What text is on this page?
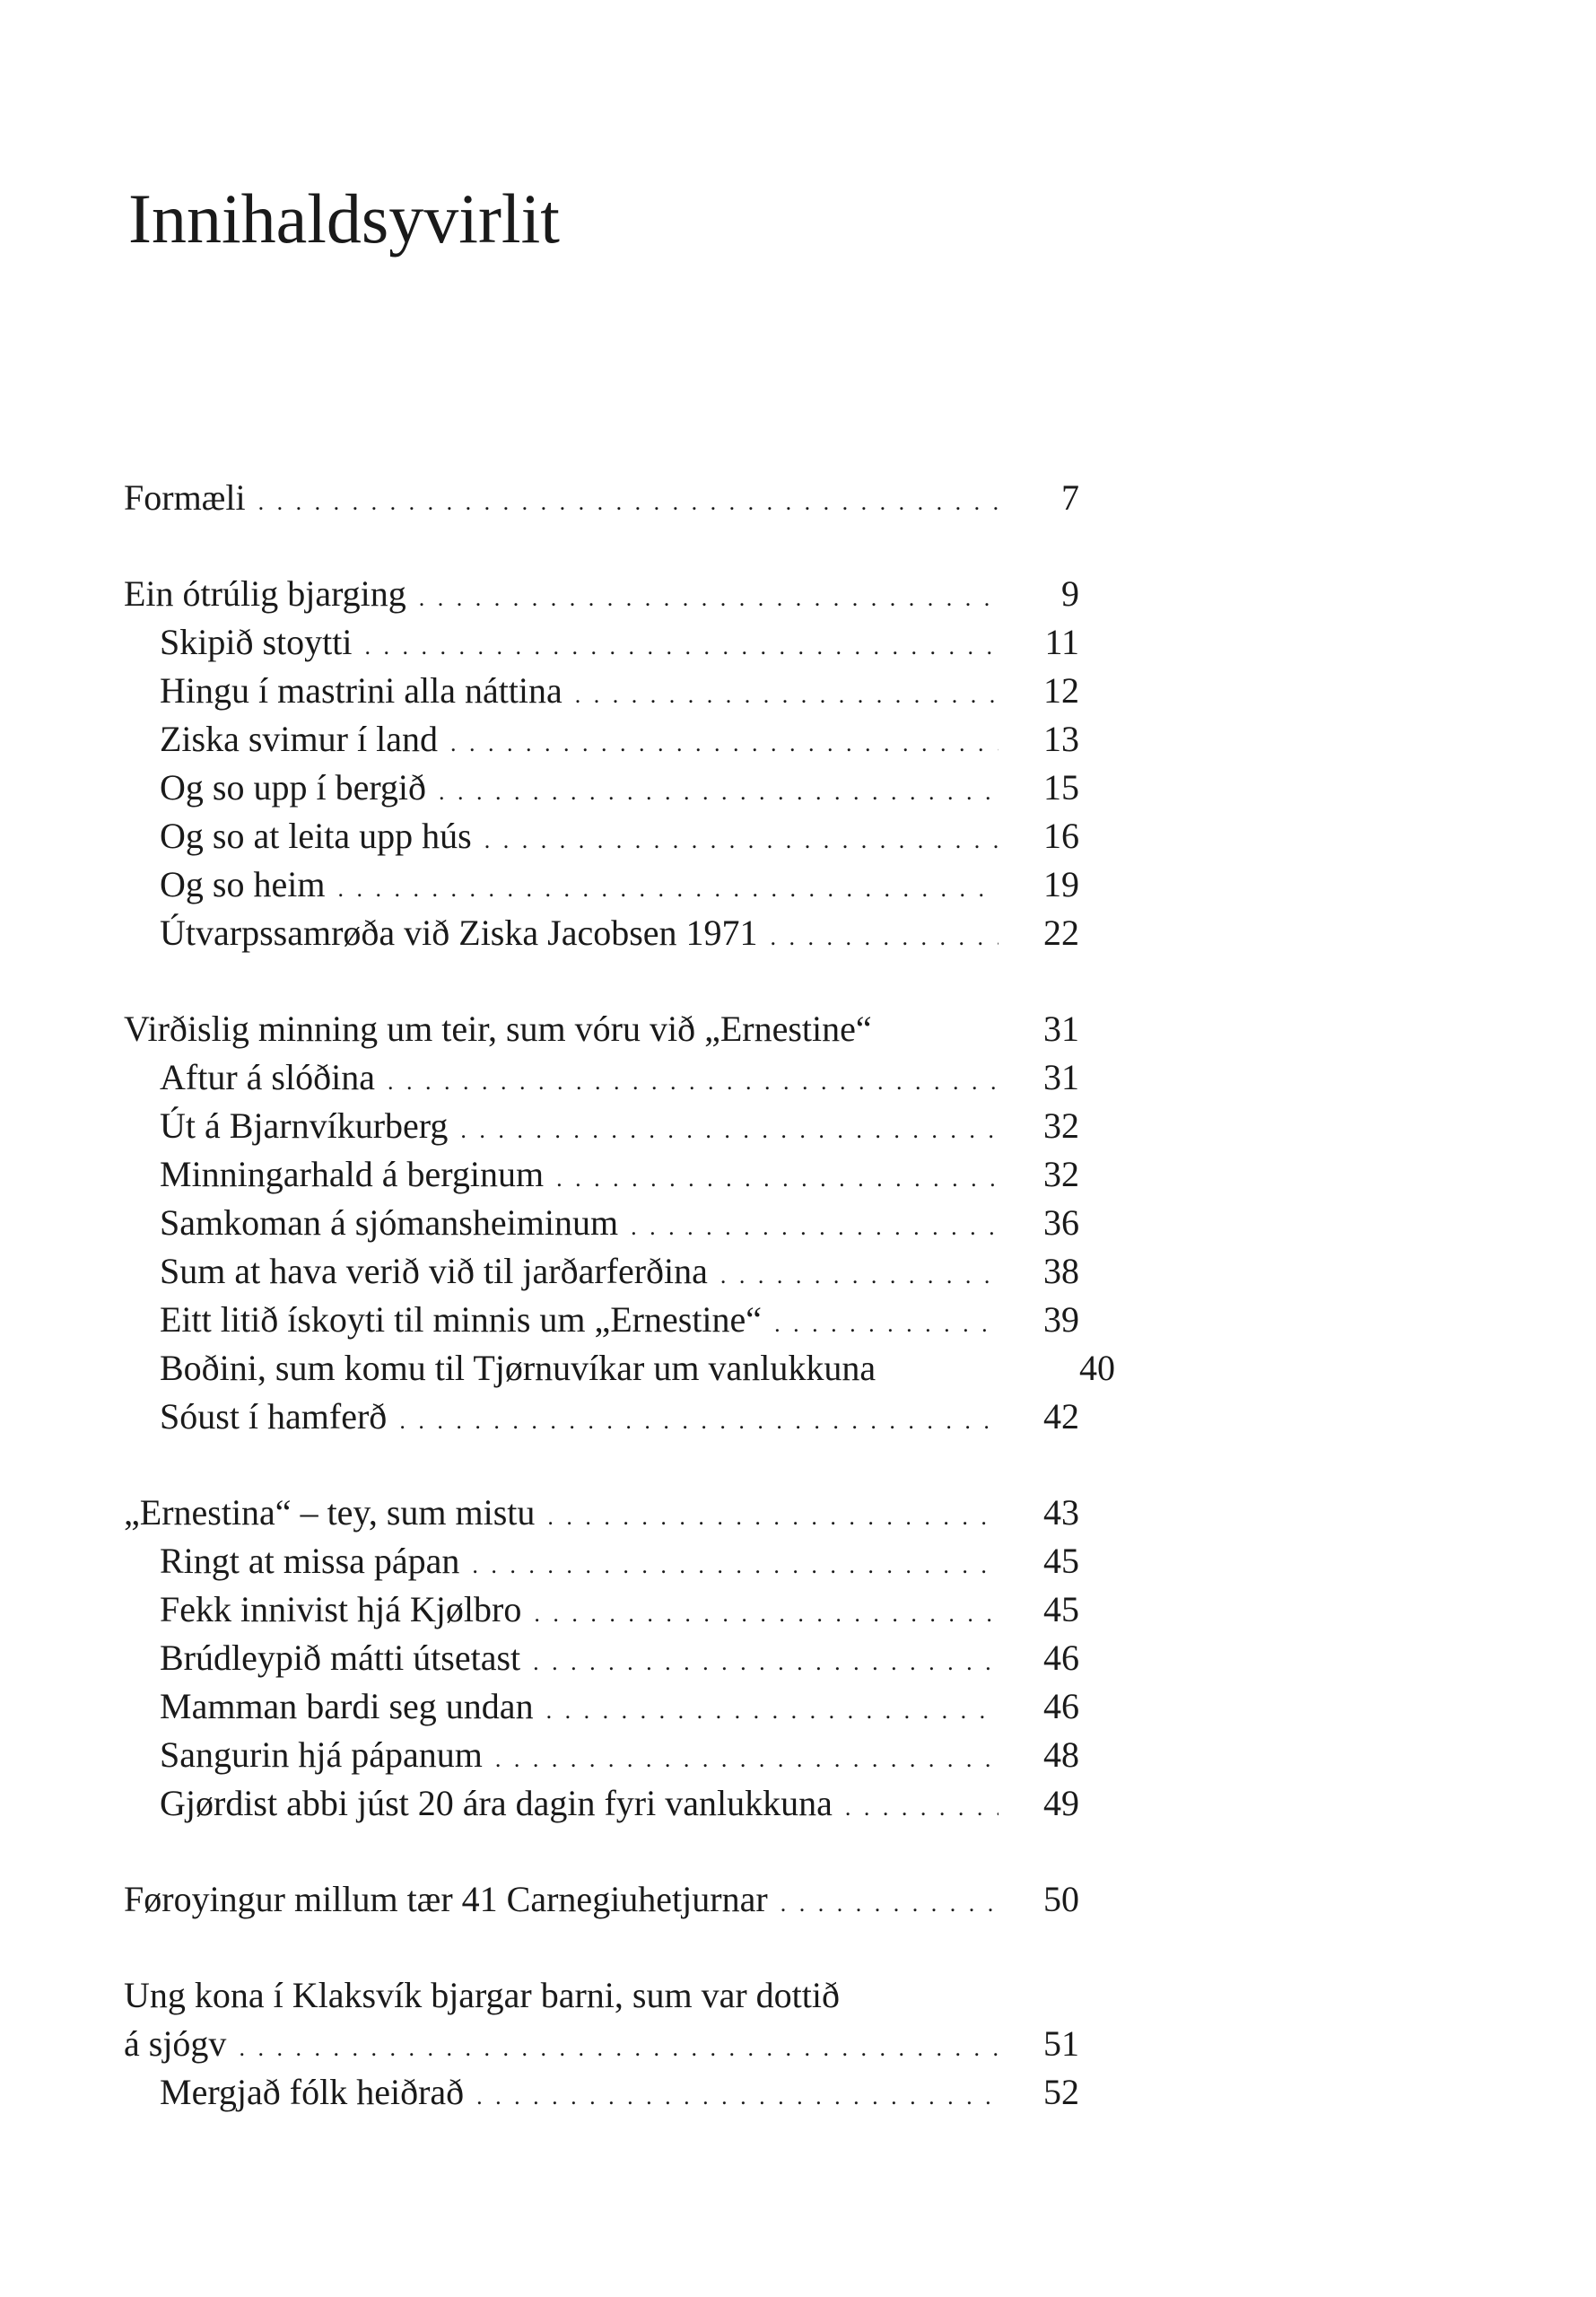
Innihaldsyvirlit
Formæli . . .	7
Ein ótrúlig bjarging . . .	9
Skipið stoytti . . .	11
Hingu í mastrini alla náttina . . .	12
Ziska svimur í land . . .	13
Og so upp í bergið . . .	15
Og so at leita upp hús . . .	16
Og so heim . . .	19
Útvarpssamrøða við Ziska Jacobsen 1971 . . .	22
Virðislig minning um teir, sum vóru við „Ernestine“	31
Aftur á slóðina . . .	31
Út á Bjarnvíkurberg . . .	32
Minningarhald á berginum . . .	32
Samkoman á sjómansheiminum . . .	36
Sum at hava verið við til jarðarferðina . . .	38
Eitt litið ískoyti til minnis um „Ernestine“ . . .	39
Boðini, sum komu til Tjørnuvíkar um vanlukkuna	40
Sóust í hamferð . . .	42
„Ernestina“ – tey, sum mistu . . .	43
Ringt at missa pápan . . .	45
Fekk innivist hjá Kjølbro . . .	45
Brúdleypið mátti útsetast . . .	46
Mamman bardi seg undan . . .	46
Sangurin hjá pápanum . . .	48
Gjørdist abbi júst 20 ára dagin fyri vanlukkuna . . .	49
Føroyingur millum tær 41 Carnegiuhetjurnar . . .	50
Ung kona í Klaksvík bjargar barni, sum var dottið
á sjógv . . .	51
Mergjað fólk heiðrað . . .	52
